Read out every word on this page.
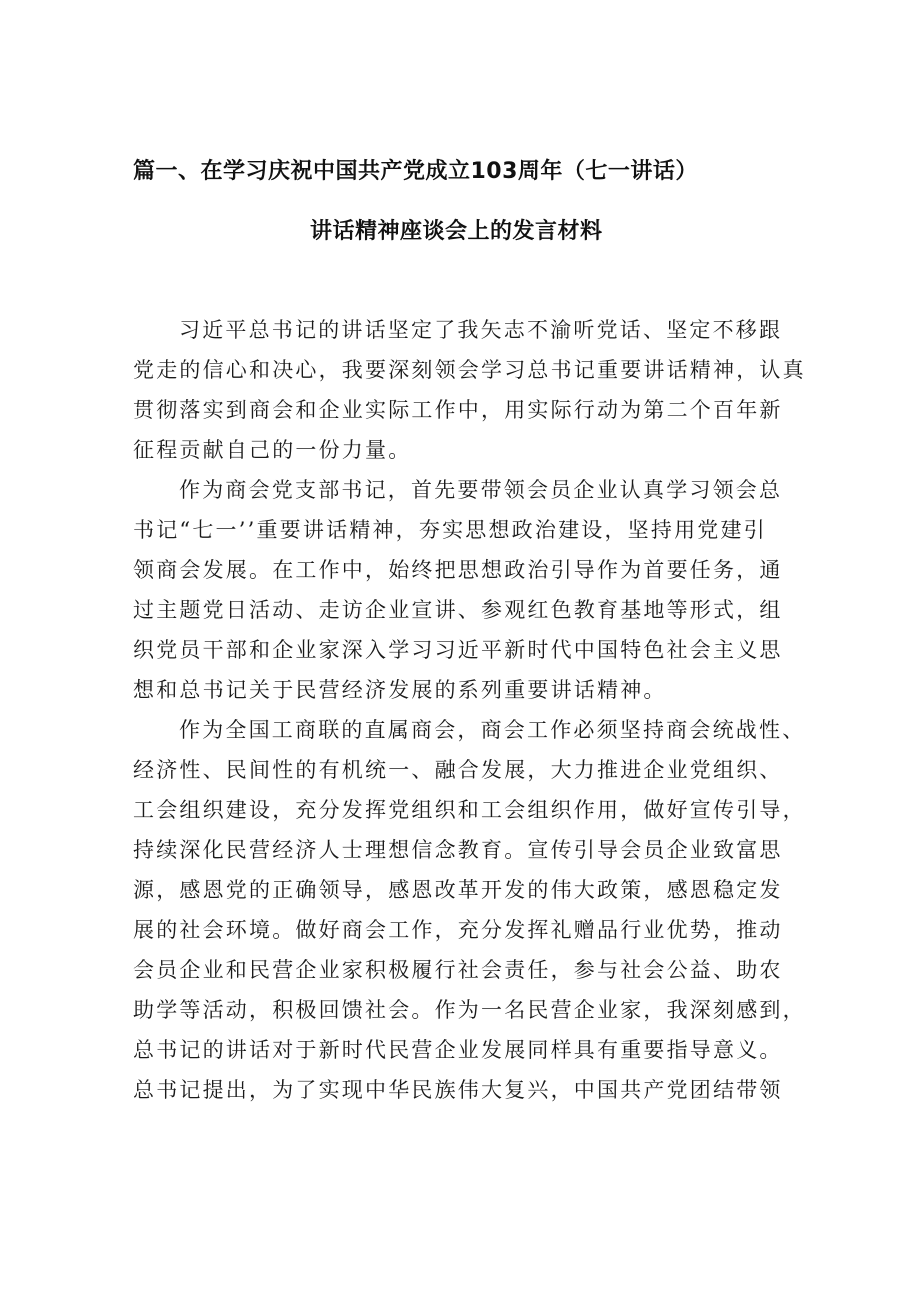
篇一、在学习庆祝中国共产党成立103周年（七一讲话）
讲话精神座谈会上的发言材料
习近平总书记的讲话坚定了我矢志不渝听党话、坚定不移跟
党走的信心和决心，我要深刻领会学习总书记重要讲话精神，认真
贯彻落实到商会和企业实际工作中，用实际行动为第二个百年新
征程贡献自己的一份力量。
作为商会党支部书记，首先要带领会员企业认真学习领会总
书记“七一’’重要讲话精神，夯实思想政治建设，坚持用党建引
领商会发展。在工作中，始终把思想政治引导作为首要任务，通
过主题党日活动、走访企业宣讲、参观红色教育基地等形式，组
织党员干部和企业家深入学习习近平新时代中国特色社会主义思
想和总书记关于民营经济发展的系列重要讲话精神。
作为全国工商联的直属商会，商会工作必须坚持商会统战性、
经济性、民间性的有机统一、融合发展，大力推进企业党组织、
工会组织建设，充分发挥党组织和工会组织作用，做好宣传引导，
持续深化民营经济人士理想信念教育。宣传引导会员企业致富思
源，感恩党的正确领导，感恩改革开发的伟大政策，感恩稳定发
展的社会环境。做好商会工作，充分发挥礼赠品行业优势，推动
会员企业和民营企业家积极履行社会责任，参与社会公益、助农
助学等活动，积极回馈社会。作为一名民营企业家，我深刻感到，
总书记的讲话对于新时代民营企业发展同样具有重要指导意义。
总书记提出，为了实现中华民族伟大复兴，中国共产党团结带领
